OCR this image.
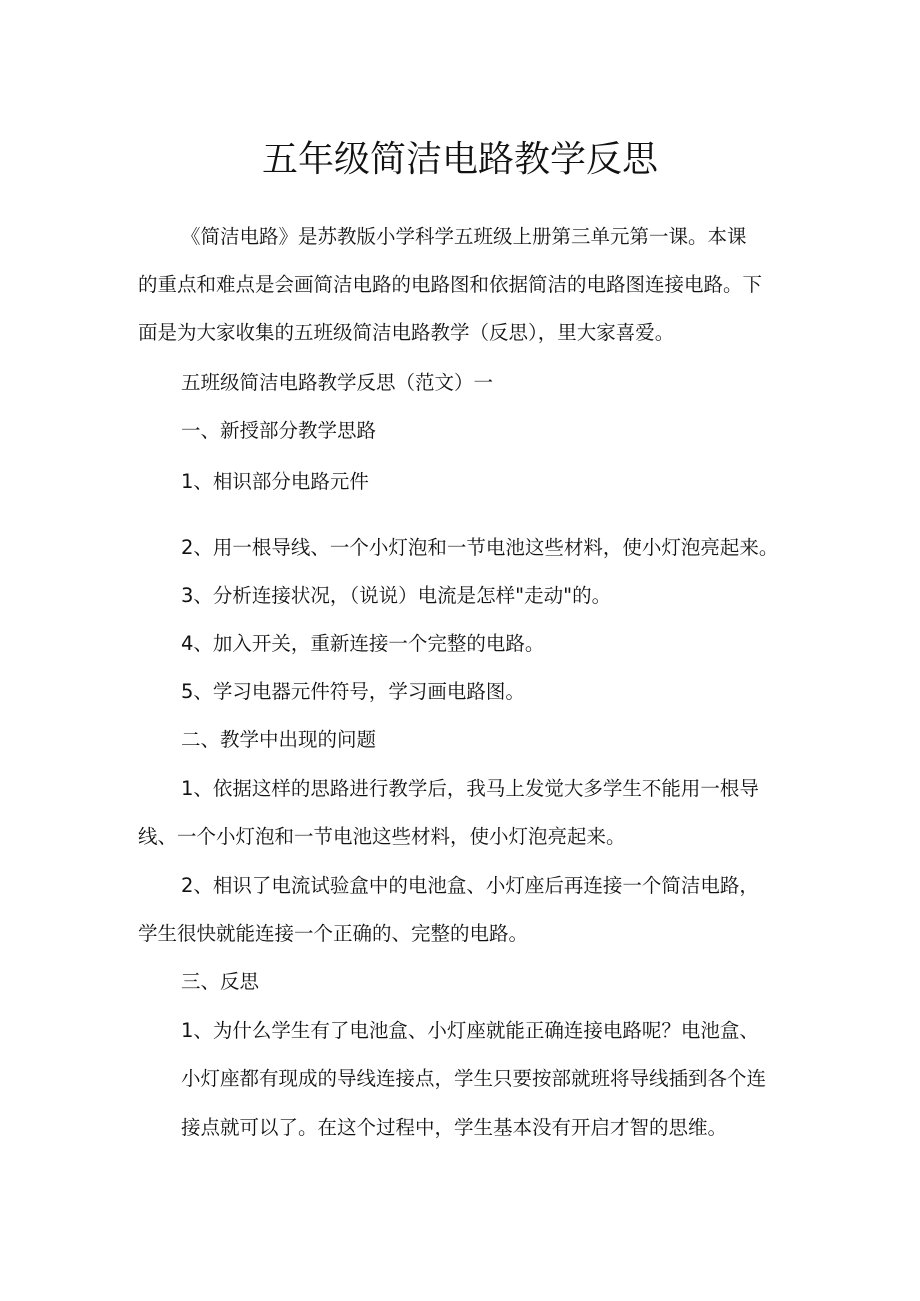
五年级简洁电路教学反思
《简洁电路》是苏教版小学科学五班级上册第三单元第一课。本课
的重点和难点是会画简洁电路的电路图和依据简洁的电路图连接电路。下
面是为大家收集的五班级简洁电路教学（反思），里大家喜爱。
五班级简洁电路教学反思（范文）一
一、新授部分教学思路
1、相识部分电路元件
2、用一根导线、一个小灯泡和一节电池这些材料，使小灯泡亮起来。
3、分析连接状况，（说说）电流是怎样"走动"的。
4、加入开关，重新连接一个完整的电路。
5、学习电器元件符号，学习画电路图。
二、教学中出现的问题
1、依据这样的思路进行教学后，我马上发觉大多学生不能用一根导
线、一个小灯泡和一节电池这些材料，使小灯泡亮起来。
2、相识了电流试验盒中的电池盒、小灯座后再连接一个简洁电路，
学生很快就能连接一个正确的、完整的电路。
三、反思
1、为什么学生有了电池盒、小灯座就能正确连接电路呢？电池盒、
小灯座都有现成的导线连接点，学生只要按部就班将导线插到各个连
接点就可以了。在这个过程中，学生基本没有开启才智的思维。
